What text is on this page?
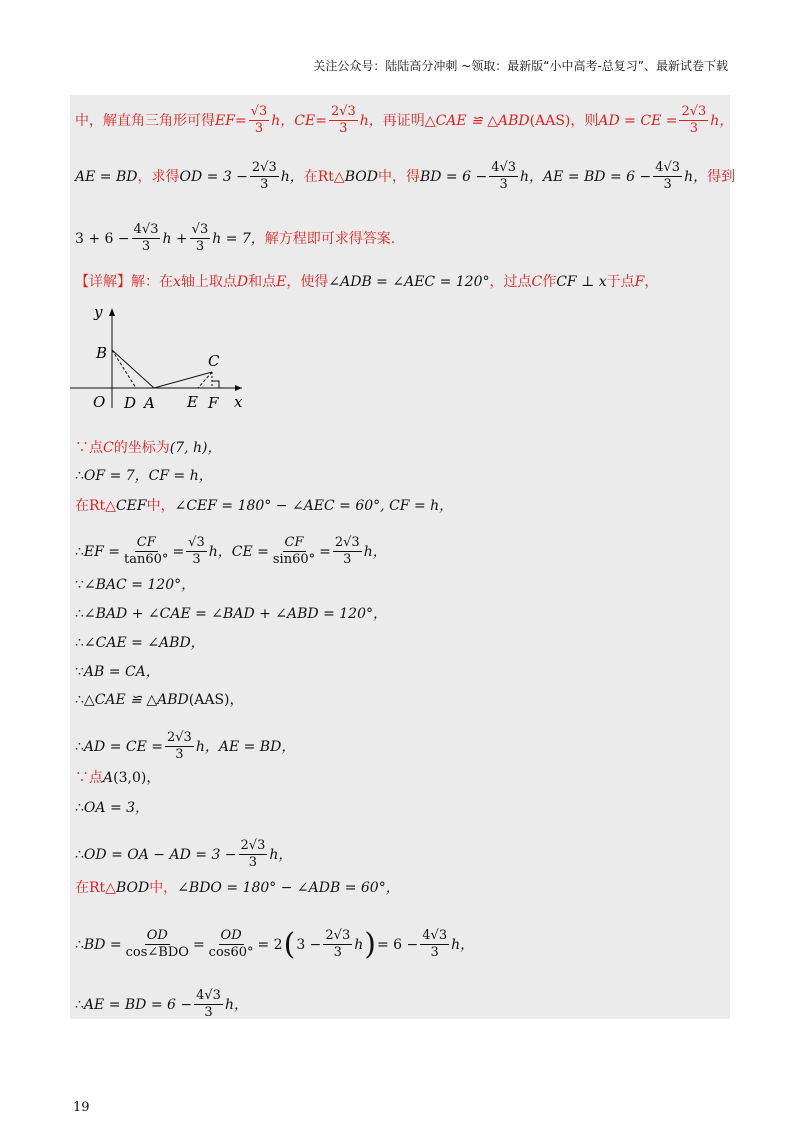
关注公众号：陆陆高分冲刺 ~领取：最新版“小中高考-总复习”、最新试卷下载
中，解直角三角形可得 EF = $\frac{√3}{3}$ h， CE = $\frac{2√3}{3}$ h， 再证明 △CAE ≌ △ABD (AAS) ，则 AD = CE = $\frac{2√3}{3}$ h，
AE = BD ，求得 OD = $3 - \frac{2√3}{3}$ h， 在Rt△ BOD 中，得 BD = $6 - \frac{4√3}{3}$ h， AE = BD = $6 - \frac{4√3}{3}$ h， 得到
$3 + 6 - \frac{4√3}{3}$ $h + \frac{√3}{3}$ h = 7， 解方程即可求得答案.
【详解】 解：在 x 轴上取点 D 和点 E ，使得 ∠ADB = ∠AEC = 120° ，过点 C 作 CF ⊥ x 于点 F ，
y
B	C
O D A E F x
∵点 C 的坐标为 (7, h)，
∴ OF = 7，CF = h，
在Rt△ CEF 中， ∠CEF = 180° − ∠AEC = 60°, CF = h，
∴ EF = $\frac{CF}{\tan 60^\circ} = \frac{√3}{3}$ h， CE = $\frac{CF}{\sin 60^\circ} = \frac{2√3}{3}$ h，
∵ ∠BAC = 120°，
∴ ∠BAD + ∠CAE = ∠BAD + ∠ABD = 120°，
∴ ∠CAE = ∠ABD，
∵ AB = CA，
∴ △CAE ≌ △ABD (AAS)，
∴ AD = CE = $\frac{2√3}{3}$ h，AE = BD，
∵点 A (3,0)，
∴ OA = 3，
∴ OD = OA − AD = $3 - \frac{2√3}{3}$ h，
在Rt△ BOD 中， ∠BDO = 180° − ∠ADB = 60°，
∴ BD = $\frac{OD}{\text{cos∠BDO}} = \frac{OD}{\cos 60^\circ} = 2$ ( $3 - \frac{2√3}{3}$ h ) = $6 - \frac{4√3}{3}$ h，
∴ AE = BD = $6 - \frac{4√3}{3}$ h，
19
